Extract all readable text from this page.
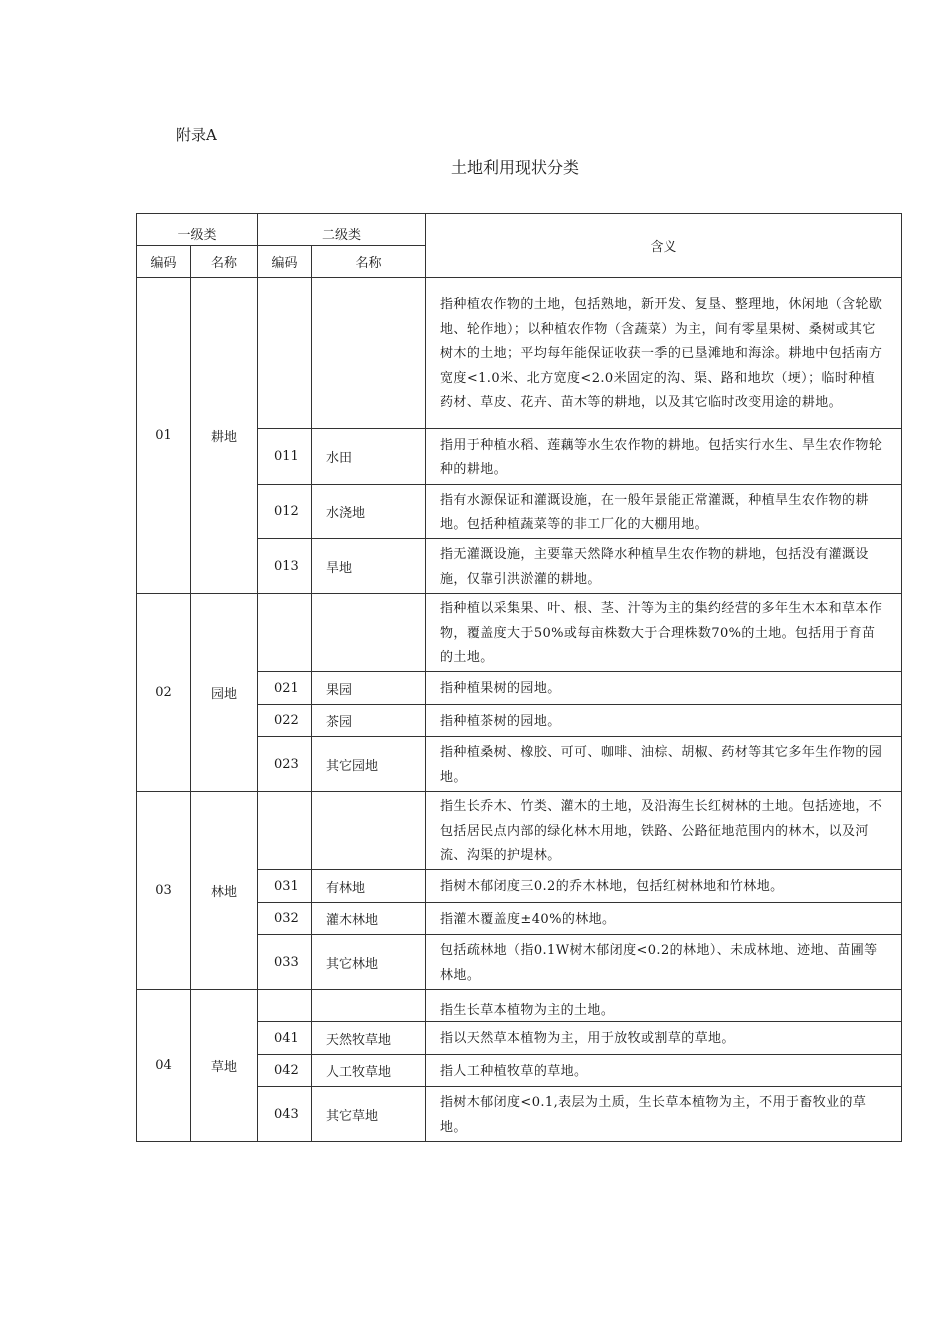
附录A
土地利用现状分类
一级类		二级类		含义
编码	名称	编码	名称	
01	耕地			指种植农作物的土地，包括熟地，新开发、复垦、整理地，休闲地（含轮歇地、轮作地）；以种植农作物（含蔬菜）为主，间有零星果树、桑树或其它树木的土地；平均每年能保证收获一季的已垦滩地和海涂。耕地中包括南方宽度<1.0米、北方宽度<2.0米固定的沟、渠、路和地坎（埂）；临时种植药材、草皮、花卉、苗木等的耕地，以及其它临时改变用途的耕地。
		011	水田	指用于种植水稻、莲藕等水生农作物的耕地。包括实行水生、旱生农作物轮种的耕地。
		012	水浇地	指有水源保证和灌溉设施，在一般年景能正常灌溉，种植旱生农作物的耕地。包括种植蔬菜等的非工厂化的大棚用地。
		013	旱地	指无灌溉设施，主要靠天然降水种植旱生农作物的耕地，包括没有灌溉设施，仅靠引洪淤灌的耕地。
02	园地			指种植以采集果、叶、根、茎、汁等为主的集约经营的多年生木本和草本作物，覆盖度大于50%或每亩株数大于合理株数70%的土地。包括用于育苗的土地。
		021	果园	指种植果树的园地。
		022	茶园	指种植茶树的园地。
		023	其它园地	指种植桑树、橡胶、可可、咖啡、油棕、胡椒、药材等其它多年生作物的园地。
03	林地			指生长乔木、竹类、灌木的土地，及沿海生长红树林的土地。包括迹地，不包括居民点内部的绿化林木用地，铁路、公路征地范围内的林木，以及河流、沟渠的护堤林。
		031	有林地	指树木郁闭度三0.2的乔木林地，包括红树林地和竹林地。
		032	灌木林地	指灌木覆盖度±40%的林地。
		033	其它林地	包括疏林地（指0.1W树木郁闭度<0.2的林地）、未成林地、迹地、苗圃等林地。
04	草地			指生长草本植物为主的土地。
		041	天然牧草地	指以天然草本植物为主，用于放牧或割草的草地。
		042	人工牧草地	指人工种植牧草的草地。
		043	其它草地	指树木郁闭度<0.1,表层为土质，生长草本植物为主，不用于畜牧业的草地。
